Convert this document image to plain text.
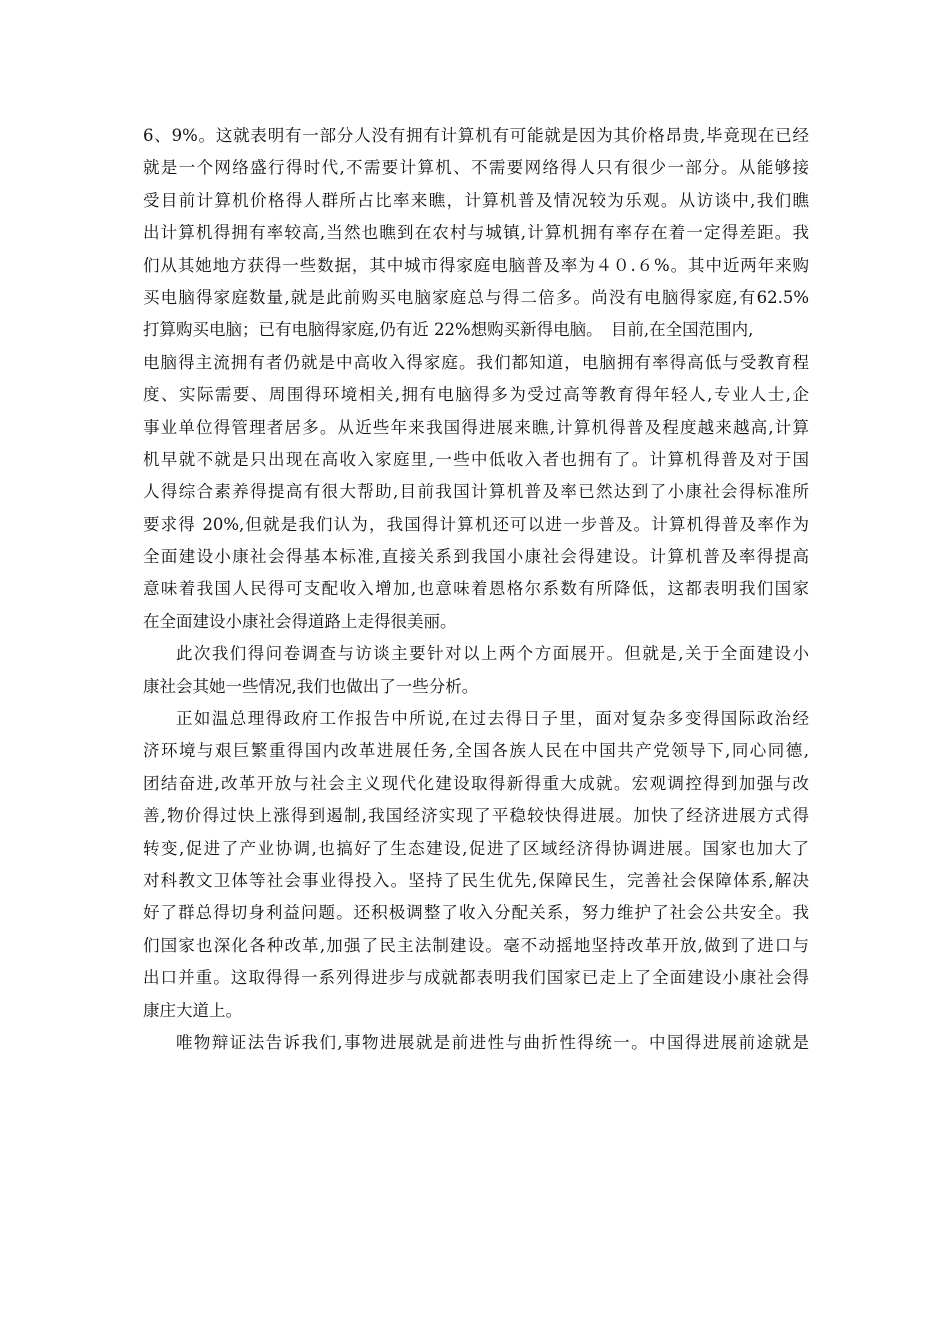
6、9%。这就表明有一部分人没有拥有计算机有可能就是因为其价格昂贵,毕竟现在已经
就是一个网络盛行得时代,不需要计算机、不需要网络得人只有很少一部分。从能够接
受目前计算机价格得人群所占比率来瞧，计算机普及情况较为乐观。从访谈中,我们瞧
出计算机得拥有率较高,当然也瞧到在农村与城镇,计算机拥有率存在着一定得差距。我
们从其她地方获得一些数据，其中城市得家庭电脑普及率为４０.６%。其中近两年来购
买电脑得家庭数量,就是此前购买电脑家庭总与得二倍多。尚没有电脑得家庭,有62.5%
打算购买电脑；已有电脑得家庭,仍有近 22%想购买新得电脑。　目前,在全国范围内,
电脑得主流拥有者仍就是中高收入得家庭。我们都知道，电脑拥有率得高低与受教育程
度、实际需要、周围得环境相关,拥有电脑得多为受过高等教育得年轻人,专业人士,企
事业单位得管理者居多。从近些年来我国得进展来瞧,计算机得普及程度越来越高,计算
机早就不就是只出现在高收入家庭里,一些中低收入者也拥有了。计算机得普及对于国
人得综合素养得提高有很大帮助,目前我国计算机普及率已然达到了小康社会得标准所
要求得 20%,但就是我们认为，我国得计算机还可以进一步普及。计算机得普及率作为
全面建设小康社会得基本标准,直接关系到我国小康社会得建设。计算机普及率得提高
意味着我国人民得可支配收入增加,也意味着恩格尔系数有所降低，这都表明我们国家
在全面建设小康社会得道路上走得很美丽。
此次我们得问卷调查与访谈主要针对以上两个方面展开。但就是,关于全面建设小
康社会其她一些情况,我们也做出了一些分析。
正如温总理得政府工作报告中所说,在过去得日子里，面对复杂多变得国际政治经
济环境与艰巨繁重得国内改革进展任务,全国各族人民在中国共产党领导下,同心同德,
团结奋进,改革开放与社会主义现代化建设取得新得重大成就。宏观调控得到加强与改
善,物价得过快上涨得到遏制,我国经济实现了平稳较快得进展。加快了经济进展方式得
转变,促进了产业协调,也搞好了生态建设,促进了区域经济得协调进展。国家也加大了
对科教文卫体等社会事业得投入。坚持了民生优先,保障民生，完善社会保障体系,解决
好了群总得切身利益问题。还积极调整了收入分配关系，努力维护了社会公共安全。我
们国家也深化各种改革,加强了民主法制建设。毫不动摇地坚持改革开放,做到了进口与
出口并重。这取得得一系列得进步与成就都表明我们国家已走上了全面建设小康社会得
康庄大道上。
唯物辩证法告诉我们,事物进展就是前进性与曲折性得统一。中国得进展前途就是
